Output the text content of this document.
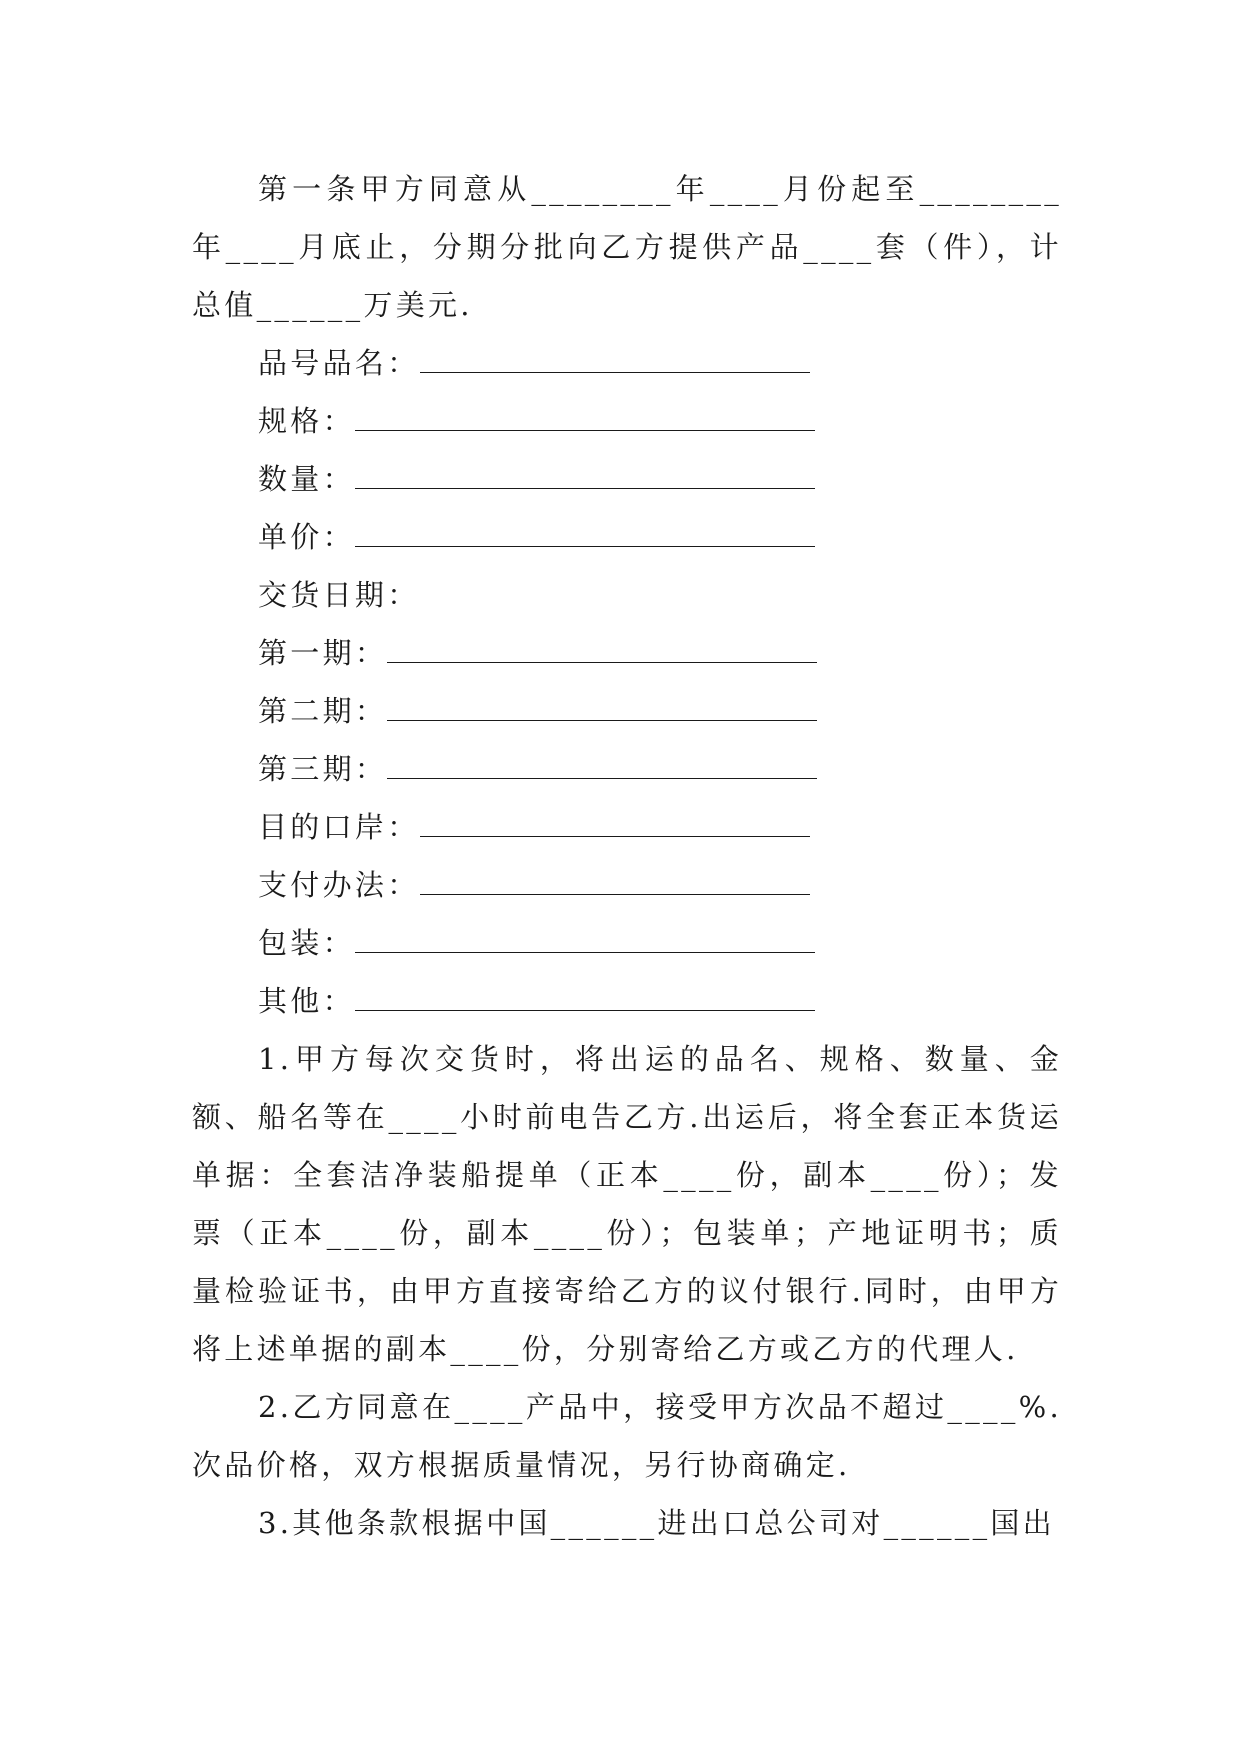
第一条甲方同意从________年____月份起至________年____月底止，分期分批向乙方提供产品____套（件），计总值______万美元.

品号品名：
规格：
数量：
单价：
交货日期：
第一期：
第二期：
第三期：
目的口岸：
支付办法：
包装：
其他：

1.甲方每次交货时，将出运的品名、规格、数量、金额、船名等在____小时前电告乙方.出运后，将全套正本货运单据：全套洁净装船提单（正本____份，副本____份）；发票（正本____份，副本____份）；包装单；产地证明书；质量检验证书，由甲方直接寄给乙方的议付银行.同时，由甲方将上述单据的副本____份，分别寄给乙方或乙方的代理人.

2.乙方同意在____产品中，接受甲方次品不超过____%.次品价格，双方根据质量情况，另行协商确定.

3.其他条款根据中国______进出口总公司对______国出
